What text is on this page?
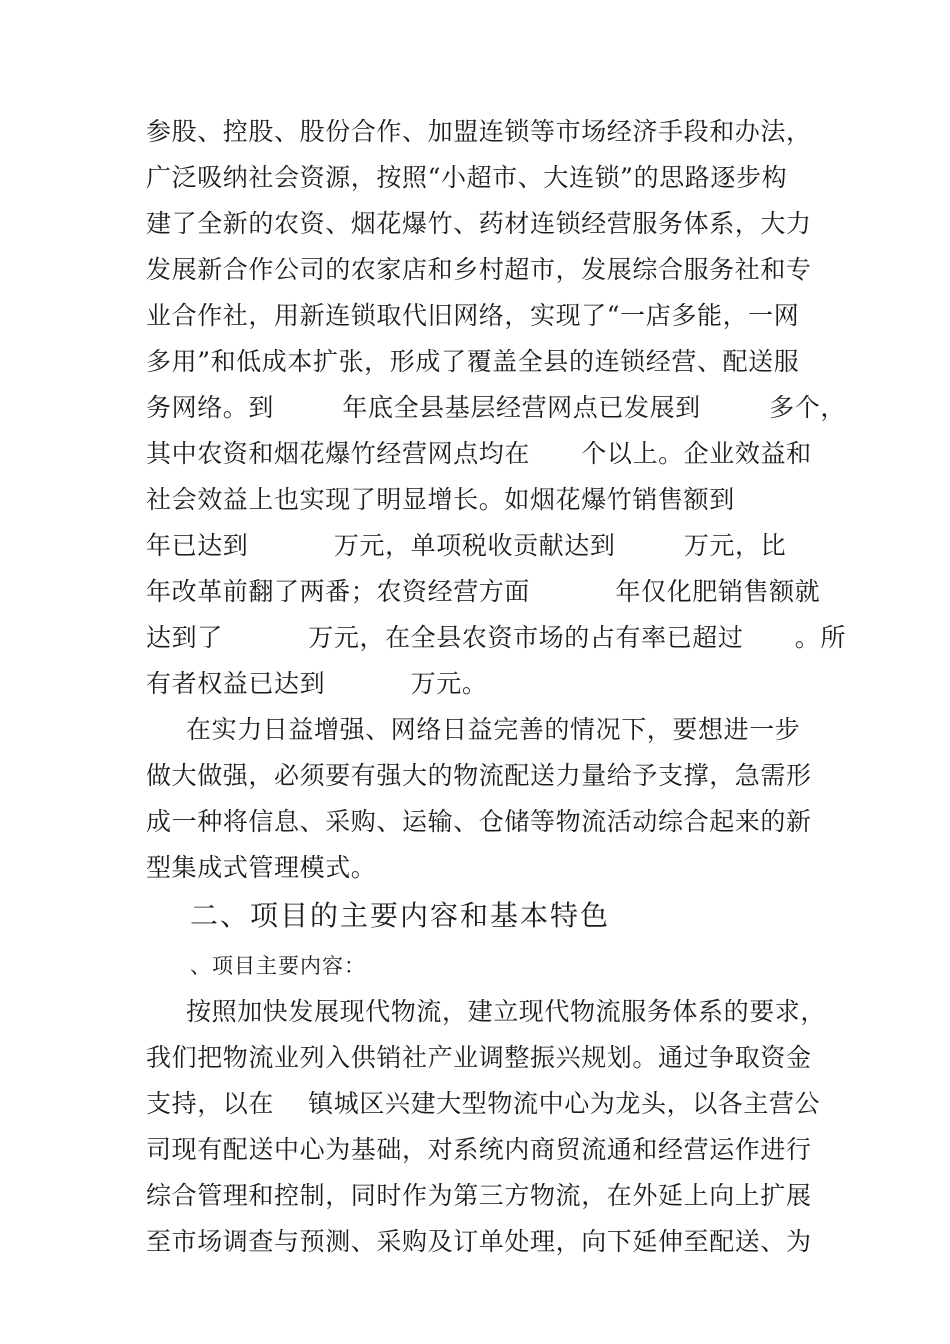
参股、控股、股份合作、加盟连锁等市场经济手段和办法，
广泛吸纳社会资源，按照“小超市、大连锁”的思路逐步构
建了全新的农资、烟花爆竹、药材连锁经营服务体系，大力
发展新合作公司的农家店和乡村超市，发展综合服务社和专
业合作社，用新连锁取代旧网络，实现了“一店多能，一网
多用”和低成本扩张，形成了覆盖全县的连锁经营、配送服
务网络。到        年底全县基层经营网点已发展到        多个，
其中农资和烟花爆竹经营网点均在      个以上。企业效益和
社会效益上也实现了明显增长。如烟花爆竹销售额到
年已达到          万元，单项税收贡献达到        万元，比
年改革前翻了两番；农资经营方面          年仅化肥销售额就
达到了          万元，在全县农资市场的占有率已超过      。所
有者权益已达到          万元。
在实力日益增强、网络日益完善的情况下，要想进一步
做大做强，必须要有强大的物流配送力量给予支撑，急需形
成一种将信息、采购、运输、仓储等物流活动综合起来的新
型集成式管理模式。
二、项目的主要内容和基本特色
、项目主要内容：
按照加快发展现代物流，建立现代物流服务体系的要求，
我们把物流业列入供销社产业调整振兴规划。通过争取资金
支持，以在    镇城区兴建大型物流中心为龙头，以各主营公
司现有配送中心为基础，对系统内商贸流通和经营运作进行
综合管理和控制，同时作为第三方物流，在外延上向上扩展
至市场调查与预测、采购及订单处理，向下延伸至配送、为
